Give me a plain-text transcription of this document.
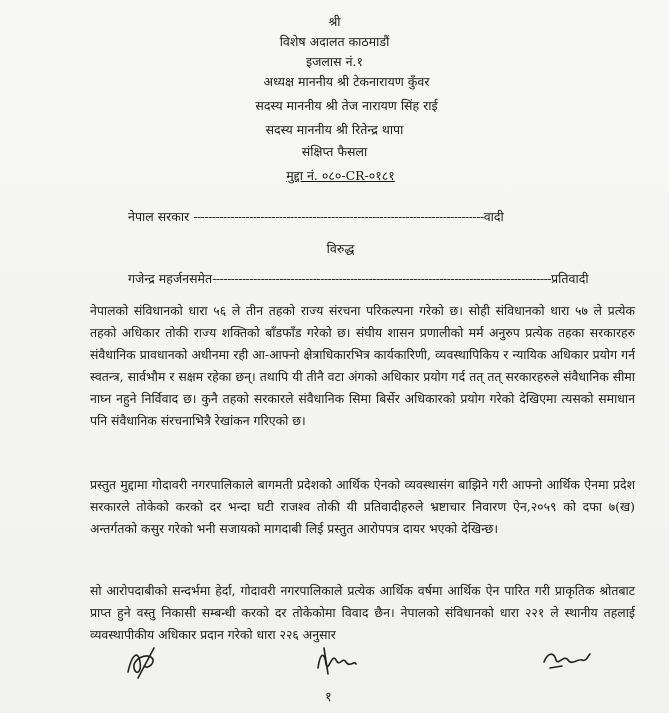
श्री
विशेष अदालत काठमाडौं
इजलास नं.१
अध्यक्ष माननीय श्री टेकनारायण कुँवर
सदस्य माननीय श्री तेज नारायण सिंह राई
सदस्य माननीय श्री रितेन्द्र थापा
संक्षिप्त फैसला
मुद्दा नं. ०८०-CR-०१८१
नेपाल सरकार ------------------------------------------------------------------------------वादी
विरुद्ध
गजेन्द्र महर्जनसमेत-------------------------------------------------------------------------------------------प्रतिवादी
नेपालको संविधानको धारा ५६ ले तीन तहको राज्य संरचना परिकल्पना गरेको छ। सोही संविधानको धारा ५७ ले प्रत्येक तहको अधिकार तोकी राज्य शक्तिको बाँडफाँड गरेको छ। संघीय शासन प्रणालीको मर्म अनुरुप प्रत्येक तहका सरकारहरु संवैधानिक प्रावधानको अधीनमा रही आ-आफ्नो क्षेत्राधिकारभित्र कार्यकारिणी, व्यवस्थापिकिय र न्यायिक अधिकार प्रयोग गर्न स्वतन्त्र, सार्वभौम र सक्षम रहेका छन्। तथापि यी तीनै वटा अंगको अधिकार प्रयोग गर्द तत् तत् सरकारहरुले संवैधानिक सीमा नाघ्न नहुने निर्विवाद छ। कुनै तहको सरकारले संवैधानिक सिमा बिर्सेर अधिकारको प्रयोग गरेको देखिएमा त्यसको समाधान पनि संवैधानिक संरचनाभित्रै रेखांकन गरिएको छ।
प्रस्तुत मुद्दामा गोदावरी नगरपालिकाले बागमती प्रदेशको आर्थिक ऐनको व्यवस्थासंग बाझिने गरी आफ्नो आर्थिक ऐनमा प्रदेश सरकारले तोकेको करको दर भन्दा घटी राजश्व तोकी यी प्रतिवादीहरुले भ्रष्टाचार निवारण ऐन,२०५९ को दफा ७(ख) अन्तर्गतको कसुर गरेको भनी सजायको मागदाबी लिई प्रस्तुत आरोपपत्र दायर भएको देखिन्छ।
सो आरोपदाबीको सन्दर्भमा हेर्दा, गोदावरी नगरपालिकाले प्रत्येक आर्थिक वर्षमा आर्थिक ऐन पारित गरी प्राकृतिक श्रोतबाट प्राप्त हुने वस्तु निकासी सम्बन्धी करको दर तोकेकोमा विवाद छैन। नेपालको संविधानको धारा २२१ ले स्थानीय तहलाई व्यवस्थापीकीय अधिकार प्रदान गरेको धारा २२६ अनुसार
१
